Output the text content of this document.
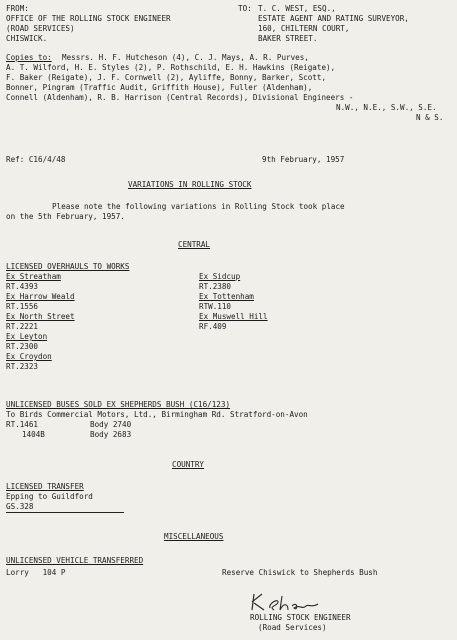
FROM:
OFFICE OF THE ROLLING STOCK ENGINEER
(ROAD SERVICES)
CHISWICK.
TO: T. C. WEST, ESQ.,
ESTATE AGENT AND RATING SURVEYOR,
160, CHILTERN COURT,
BAKER STREET.
Copies to: Messrs. H. F. Hutcheson (4), C. J. Mays, A. R. Purves,
A. T. Wilford, H. E. Styles (2), P. Rothschild, E. H. Hawkins (Reigate),
F. Baker (Reigate), J. F. Cornwell (2), Ayliffe, Bonny, Barker, Scott,
Bonner, Pingram (Traffic Audit, Griffith House), Fuller (Aldenham),
Connell (Aldenham), R. B. Harrison (Central Records), Divisional Engineers -
N.W., N.E., S.W., S.E.
N & S.
Ref: C16/4/48	9th February, 1957
VARIATIONS IN ROLLING STOCK
Please note the following variations in Rolling Stock took place
on the 5th February, 1957.
CENTRAL
LICENSED OVERHAULS TO WORKS
Ex Streatham
RT.4393
Ex Harrow Weald
RT.1556
Ex North Street
RT.2221
Ex Leyton
RT.2300
Ex Croydon
RT.2323
Ex Sidcup
RT.2380
Ex Tottenham
RTW.110
Ex Muswell Hill
RF.409
UNLICENSED BUSES SOLD EX SHEPHERDS BUSH (C16/123)
To Birds Commercial Motors, Ltd., Birmingham Rd. Stratford-on-Avon
RT.1461	Body 2740
1404B	Body 2683
COUNTRY
LICENSED TRANSFER
Epping to Guildford
GS.328
MISCELLANEOUS
UNLICENSED VEHICLE TRANSFERRED
Lorry   104 P	Reserve Chiswick to Shepherds Bush
ROLLING STOCK ENGINEER
(Road Services)
